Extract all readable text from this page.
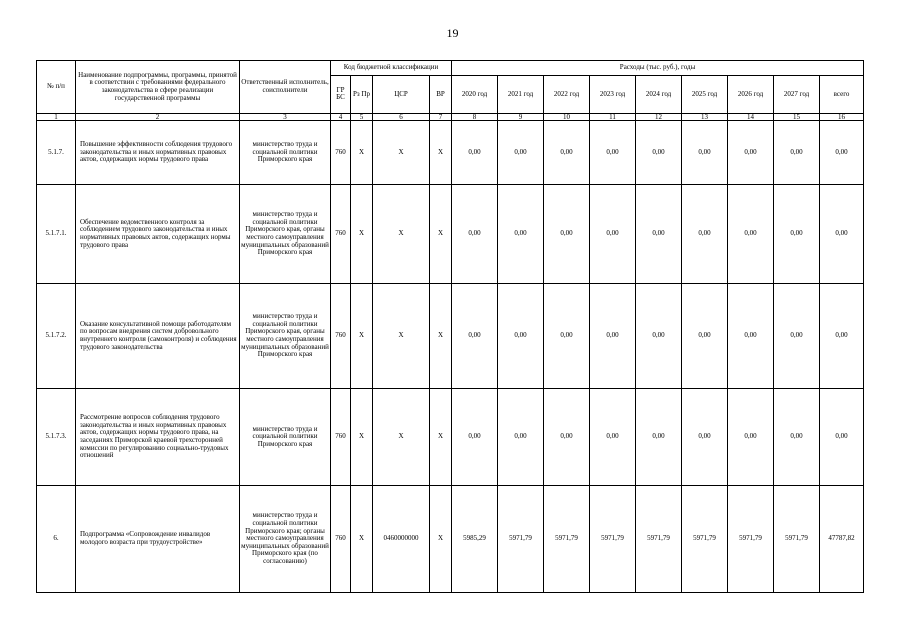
19
№ п/п	Наименование подпрограммы, программы, принятой в соответствии с требованиями федерального законодательства в сфере реализации государственной программы	Ответственный исполнитель, соисполнители	Код бюджетной классификации				Расходы (тыс. руб.), годы								
			ГР БС	Рз Пр	ЦСР	ВР	2020 год	2021 год	2022 год	2023 год	2024 год	2025 год	2026 год	2027 год	всего
1	2	3	4	5	6	7	8	9	10	11	12	13	14	15	16
5.1.7.	Повышение эффективности соблюдения трудового законодательства и иных нормативных правовых актов, содержащих нормы трудового права	министерство труда и социальной политики Приморского края	760	Х	Х	Х	0,00	0,00	0,00	0,00	0,00	0,00	0,00	0,00	0,00
5.1.7.1.	Обеспечение ведомственного контроля за соблюдением трудового законодательства и иных нормативных правовых актов, содержащих нормы трудового права	министерство труда и социальной политики Приморского края, органы местного самоуправления муниципальных образований Приморского края	760	Х	Х	Х	0,00	0,00	0,00	0,00	0,00	0,00	0,00	0,00	0,00
5.1.7.2.	Оказание консультативной помощи работодателям по вопросам внедрения систем добровольного внутреннего контроля (самоконтроля) и соблюдения трудового законодательства	министерство труда и социальной политики Приморского края, органы местного самоуправления муниципальных образований Приморского края	760	Х	Х	Х	0,00	0,00	0,00	0,00	0,00	0,00	0,00	0,00	0,00
5.1.7.3.	Рассмотрение вопросов соблюдения трудового законодательства и иных нормативных правовых актов, содержащих нормы трудового права, на заседаниях Приморской краевой трехсторонней комиссии по регулированию социально-трудовых отношений	министерство труда и социальной политики Приморского края	760	Х	Х	Х	0,00	0,00	0,00	0,00	0,00	0,00	0,00	0,00	0,00
6.	Подпрограмма «Сопровождение инвалидов молодого возраста при трудоустройстве»	министерство труда и социальной политики Приморского края; органы местного самоуправления муниципальных образований Приморского края (по согласованию)	760	Х	0460000000	Х	5985,29	5971,79	5971,79	5971,79	5971,79	5971,79	5971,79	5971,79	47787,82
